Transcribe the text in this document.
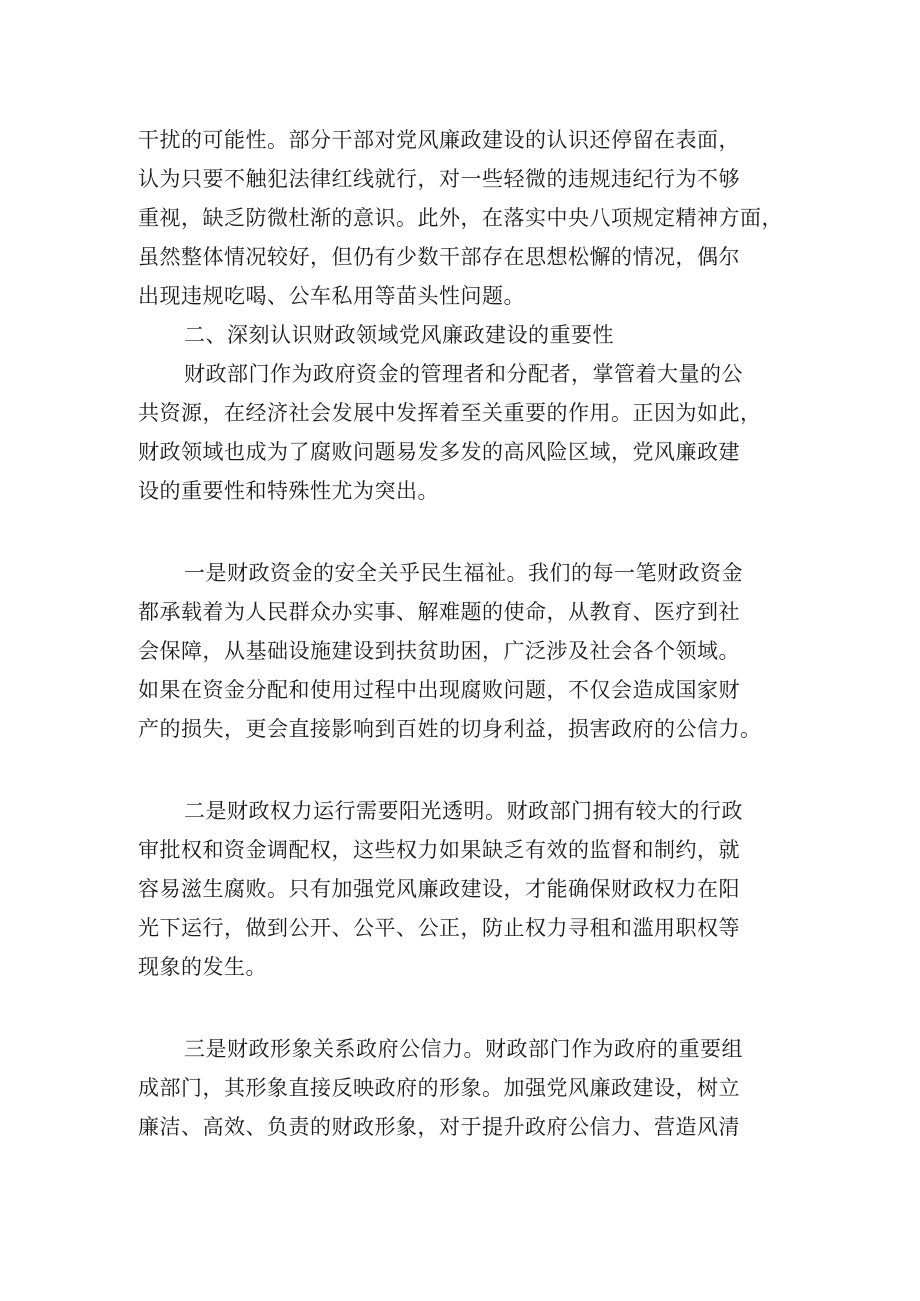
干扰的可能性。部分干部对党风廉政建设的认识还停留在表面，
认为只要不触犯法律红线就行，对一些轻微的违规违纪行为不够
重视，缺乏防微杜渐的意识。此外，在落实中央八项规定精神方面，
虽然整体情况较好，但仍有少数干部存在思想松懈的情况，偶尔
出现违规吃喝、公车私用等苗头性问题。
二、深刻认识财政领域党风廉政建设的重要性
财政部门作为政府资金的管理者和分配者，掌管着大量的公
共资源，在经济社会发展中发挥着至关重要的作用。正因为如此，
财政领域也成为了腐败问题易发多发的高风险区域，党风廉政建
设的重要性和特殊性尤为突出。
一是财政资金的安全关乎民生福祉。我们的每一笔财政资金
都承载着为人民群众办实事、解难题的使命，从教育、医疗到社
会保障，从基础设施建设到扶贫助困，广泛涉及社会各个领域。
如果在资金分配和使用过程中出现腐败问题，不仅会造成国家财
产的损失，更会直接影响到百姓的切身利益，损害政府的公信力。
二是财政权力运行需要阳光透明。财政部门拥有较大的行政
审批权和资金调配权，这些权力如果缺乏有效的监督和制约，就
容易滋生腐败。只有加强党风廉政建设，才能确保财政权力在阳
光下运行，做到公开、公平、公正，防止权力寻租和滥用职权等
现象的发生。
三是财政形象关系政府公信力。财政部门作为政府的重要组
成部门，其形象直接反映政府的形象。加强党风廉政建设，树立
廉洁、高效、负责的财政形象，对于提升政府公信力、营造风清
